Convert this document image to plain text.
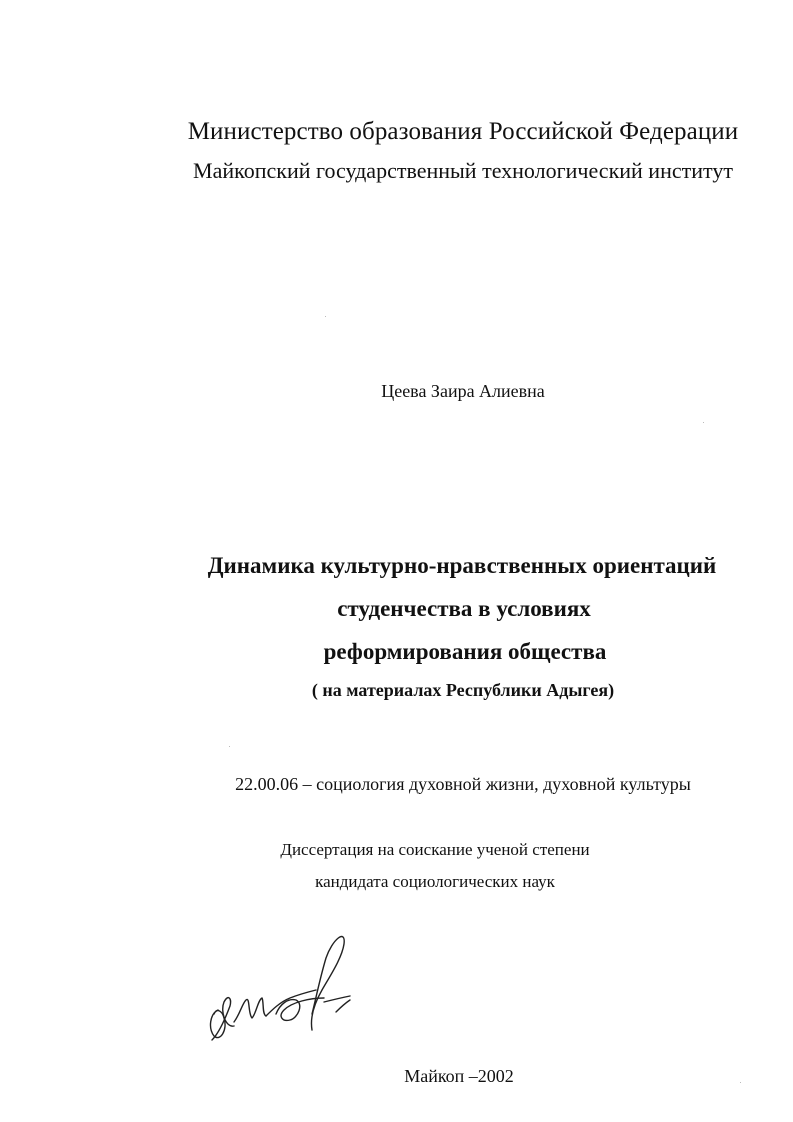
Министерство образования Российской Федерации
Майкопский государственный технологический институт
Цеева Заира Алиевна
Динамика культурно-нравственных ориентаций
студенчества в условиях
реформирования общества
( на материалах Республики Адыгея)
22.00.06 – социология духовной жизни, духовной культуры
Диссертация на соискание ученой степени
кандидата социологических наук
Майкоп –2002
